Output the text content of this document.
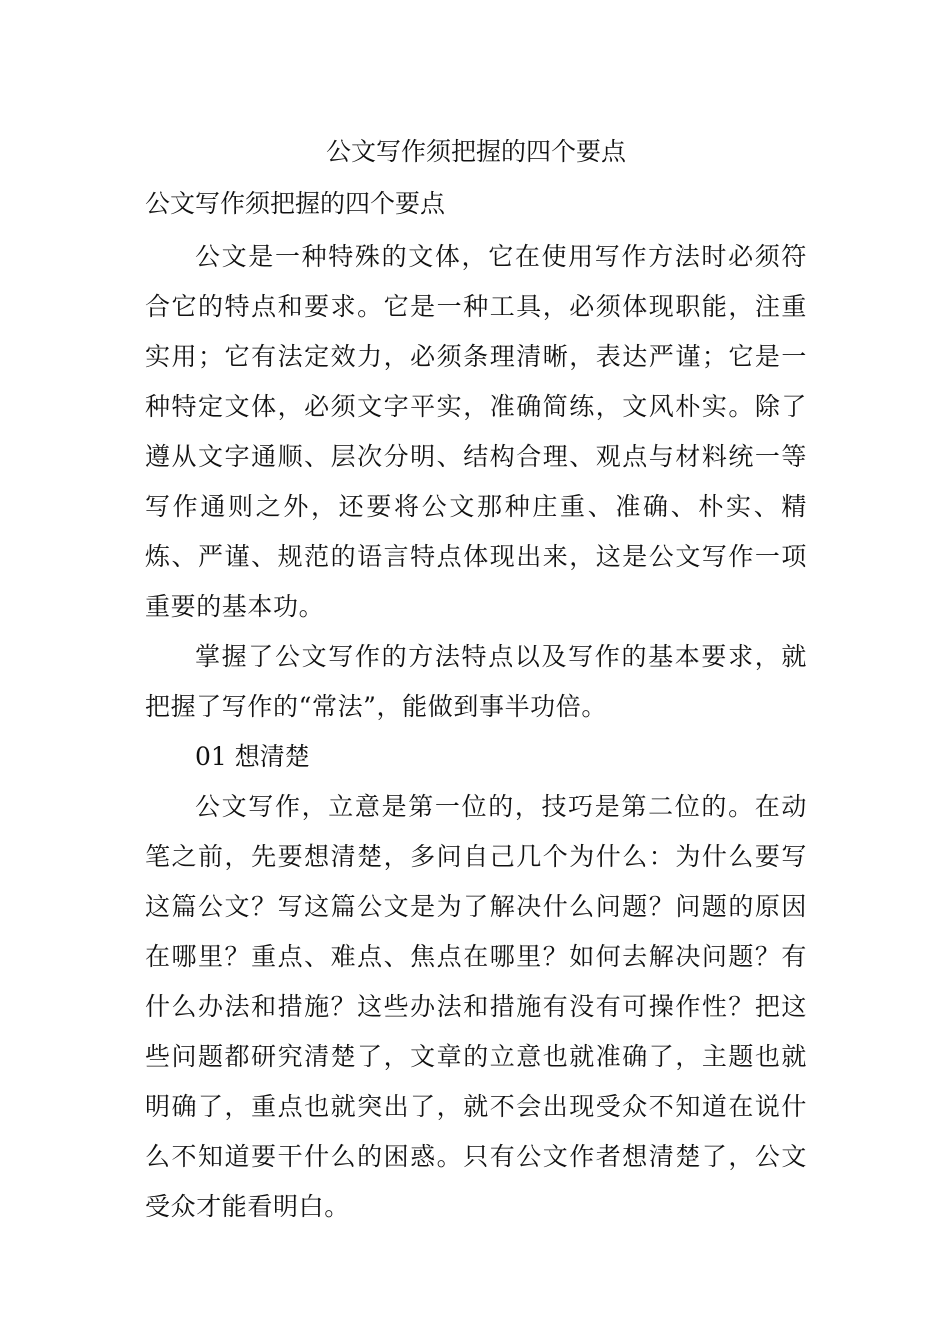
公文写作须把握的四个要点
公文写作须把握的四个要点

公文是一种特殊的文体，它在使用写作方法时必须符合它的特点和要求。它是一种工具，必须体现职能，注重实用；它有法定效力，必须条理清晰，表达严谨；它是一种特定文体，必须文字平实，准确简练，文风朴实。除了遵从文字通顺、层次分明、结构合理、观点与材料统一等写作通则之外，还要将公文那种庄重、准确、朴实、精炼、严谨、规范的语言特点体现出来，这是公文写作一项重要的基本功。

掌握了公文写作的方法特点以及写作的基本要求，就把握了写作的“常法”，能做到事半功倍。

01 想清楚

公文写作，立意是第一位的，技巧是第二位的。在动笔之前，先要想清楚，多问自己几个为什么：为什么要写这篇公文？写这篇公文是为了解决什么问题？问题的原因在哪里？重点、难点、焦点在哪里？如何去解决问题？有什么办法和措施？这些办法和措施有没有可操作性？把这些问题都研究清楚了，文章的立意也就准确了，主题也就明确了，重点也就突出了，就不会出现受众不知道在说什么不知道要干什么的困惑。只有公文作者想清楚了，公文受众才能看明白。
